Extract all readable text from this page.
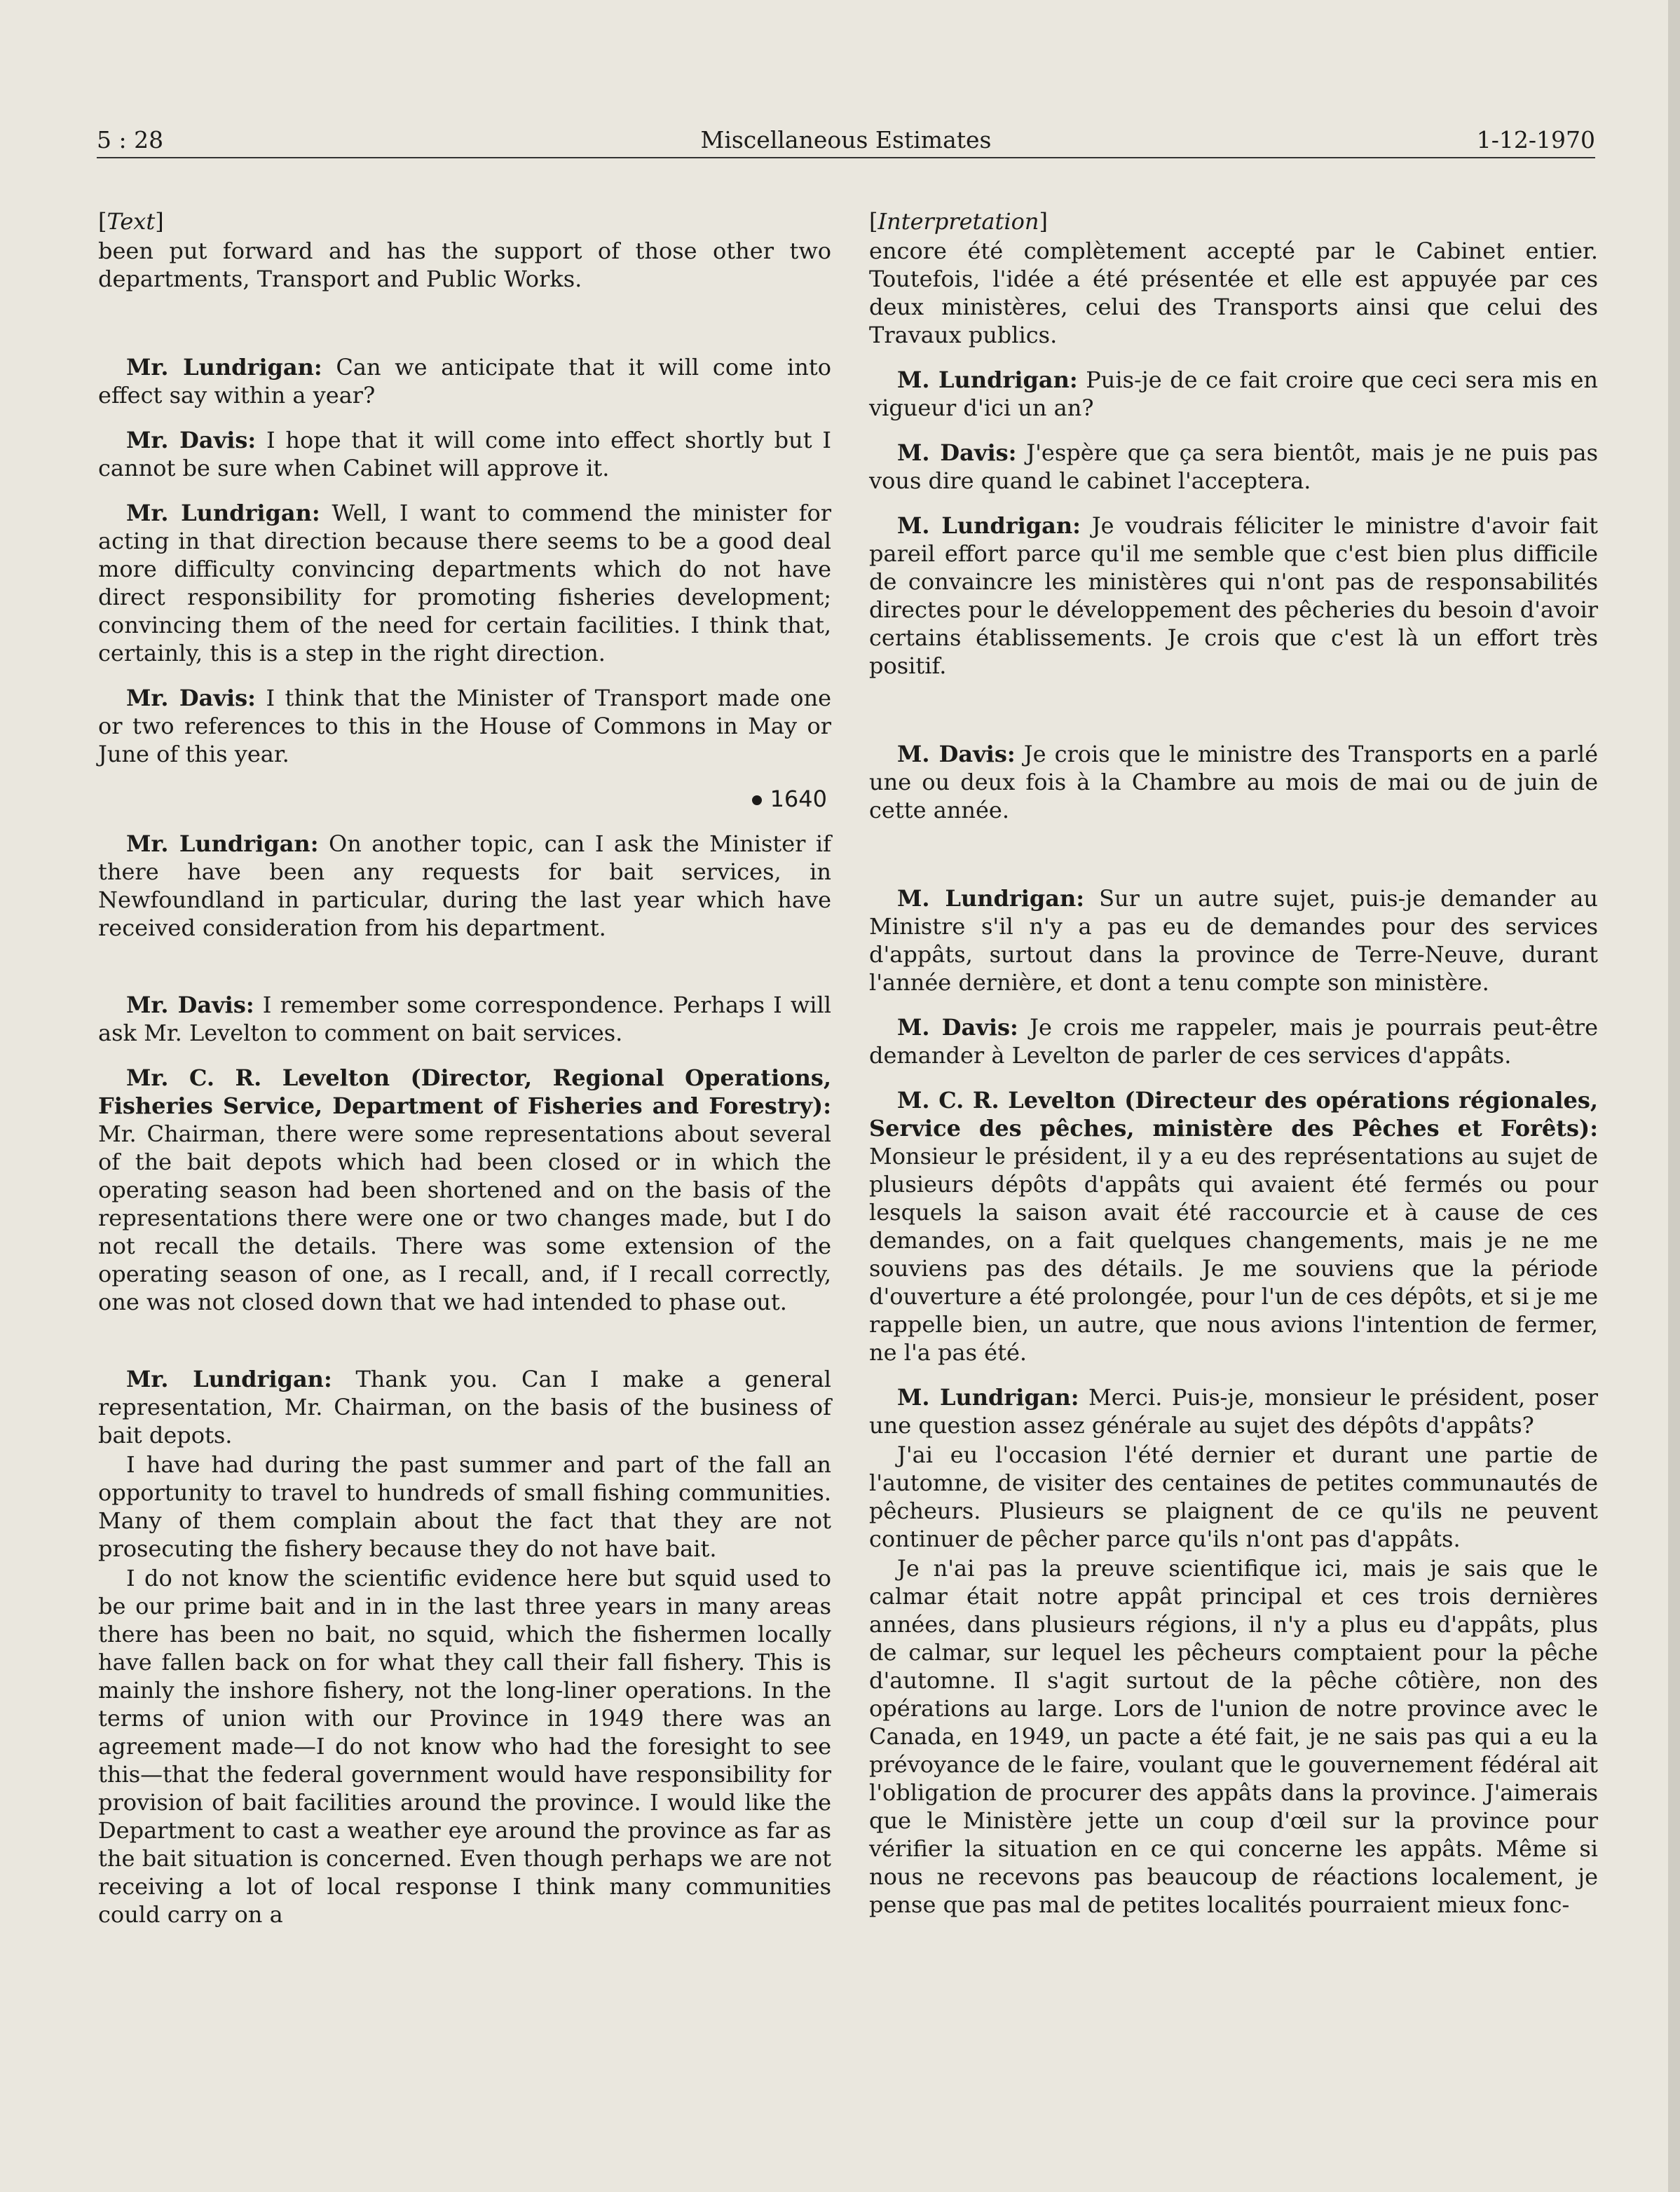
5 : 28	Miscellaneous Estimates	1-12-1970

[Text]

been put forward and has the support of those other two departments, Transport and Public Works.

Mr. Lundrigan: Can we anticipate that it will come into effect say within a year?

Mr. Davis: I hope that it will come into effect shortly but I cannot be sure when Cabinet will approve it.

Mr. Lundrigan: Well, I want to commend the minister for acting in that direction because there seems to be a good deal more difficulty convincing departments which do not have direct responsibility for promoting fisheries development; convincing them of the need for certain facilities. I think that, certainly, this is a step in the right direction.

Mr. Davis: I think that the Minister of Transport made one or two references to this in the House of Commons in May or June of this year.

1640

Mr. Lundrigan: On another topic, can I ask the Minister if there have been any requests for bait services, in Newfoundland in particular, during the last year which have received consideration from his department.

Mr. Davis: I remember some correspondence. Perhaps I will ask Mr. Levelton to comment on bait services.

Mr. C. R. Levelton (Director, Regional Operations, Fisheries Service, Department of Fisheries and Forestry): Mr. Chairman, there were some representations about several of the bait depots which had been closed or in which the operating season had been shortened and on the basis of the representations there were one or two changes made, but I do not recall the details. There was some extension of the operating season of one, as I recall, and, if I recall correctly, one was not closed down that we had intended to phase out.

Mr. Lundrigan: Thank you. Can I make a general representation, Mr. Chairman, on the basis of the business of bait depots.

I have had during the past summer and part of the fall an opportunity to travel to hundreds of small fishing communities. Many of them complain about the fact that they are not prosecuting the fishery because they do not have bait.

I do not know the scientific evidence here but squid used to be our prime bait and in in the last three years in many areas there has been no bait, no squid, which the fishermen locally have fallen back on for what they call their fall fishery. This is mainly the inshore fishery, not the long-liner operations. In the terms of union with our Province in 1949 there was an agreement made—I do not know who had the foresight to see this—that the federal government would have responsibility for provision of bait facilities around the province. I would like the Department to cast a weather eye around the province as far as the bait situation is concerned. Even though perhaps we are not receiving a lot of local response I think many communities could carry on a

[Interpretation]

encore été complètement accepté par le Cabinet entier. Toutefois, l'idée a été présentée et elle est appuyée par ces deux ministères, celui des Transports ainsi que celui des Travaux publics.

M. Lundrigan: Puis-je de ce fait croire que ceci sera mis en vigueur d'ici un an?

M. Davis: J'espère que ça sera bientôt, mais je ne puis pas vous dire quand le cabinet l'acceptera.

M. Lundrigan: Je voudrais féliciter le ministre d'avoir fait pareil effort parce qu'il me semble que c'est bien plus difficile de convaincre les ministères qui n'ont pas de responsabilités directes pour le développement des pêcheries du besoin d'avoir certains établissements. Je crois que c'est là un effort très positif.

M. Davis: Je crois que le ministre des Transports en a parlé une ou deux fois à la Chambre au mois de mai ou de juin de cette année.

M. Lundrigan: Sur un autre sujet, puis-je demander au Ministre s'il n'y a pas eu de demandes pour des services d'appâts, surtout dans la province de Terre-Neuve, durant l'année dernière, et dont a tenu compte son ministère.

M. Davis: Je crois me rappeler, mais je pourrais peut-être demander à Levelton de parler de ces services d'appâts.

M. C. R. Levelton (Directeur des opérations régionales, Service des pêches, ministère des Pêches et Forêts): Monsieur le président, il y a eu des représentations au sujet de plusieurs dépôts d'appâts qui avaient été fermés ou pour lesquels la saison avait été raccourcie et à cause de ces demandes, on a fait quelques changements, mais je ne me souviens pas des détails. Je me souviens que la période d'ouverture a été prolongée, pour l'un de ces dépôts, et si je me rappelle bien, un autre, que nous avions l'intention de fermer, ne l'a pas été.

M. Lundrigan: Merci. Puis-je, monsieur le président, poser une question assez générale au sujet des dépôts d'appâts?

J'ai eu l'occasion l'été dernier et durant une partie de l'automne, de visiter des centaines de petites communautés de pêcheurs. Plusieurs se plaignent de ce qu'ils ne peuvent continuer de pêcher parce qu'ils n'ont pas d'appâts.

Je n'ai pas la preuve scientifique ici, mais je sais que le calmar était notre appât principal et ces trois dernières années, dans plusieurs régions, il n'y a plus eu d'appâts, plus de calmar, sur lequel les pêcheurs comptaient pour la pêche d'automne. Il s'agit surtout de la pêche côtière, non des opérations au large. Lors de l'union de notre province avec le Canada, en 1949, un pacte a été fait, je ne sais pas qui a eu la prévoyance de le faire, voulant que le gouvernement fédéral ait l'obligation de procurer des appâts dans la province. J'aimerais que le Ministère jette un coup d'œil sur la province pour vérifier la situation en ce qui concerne les appâts. Même si nous ne recevons pas beaucoup de réactions localement, je pense que pas mal de petites localités pourraient mieux fonc-
